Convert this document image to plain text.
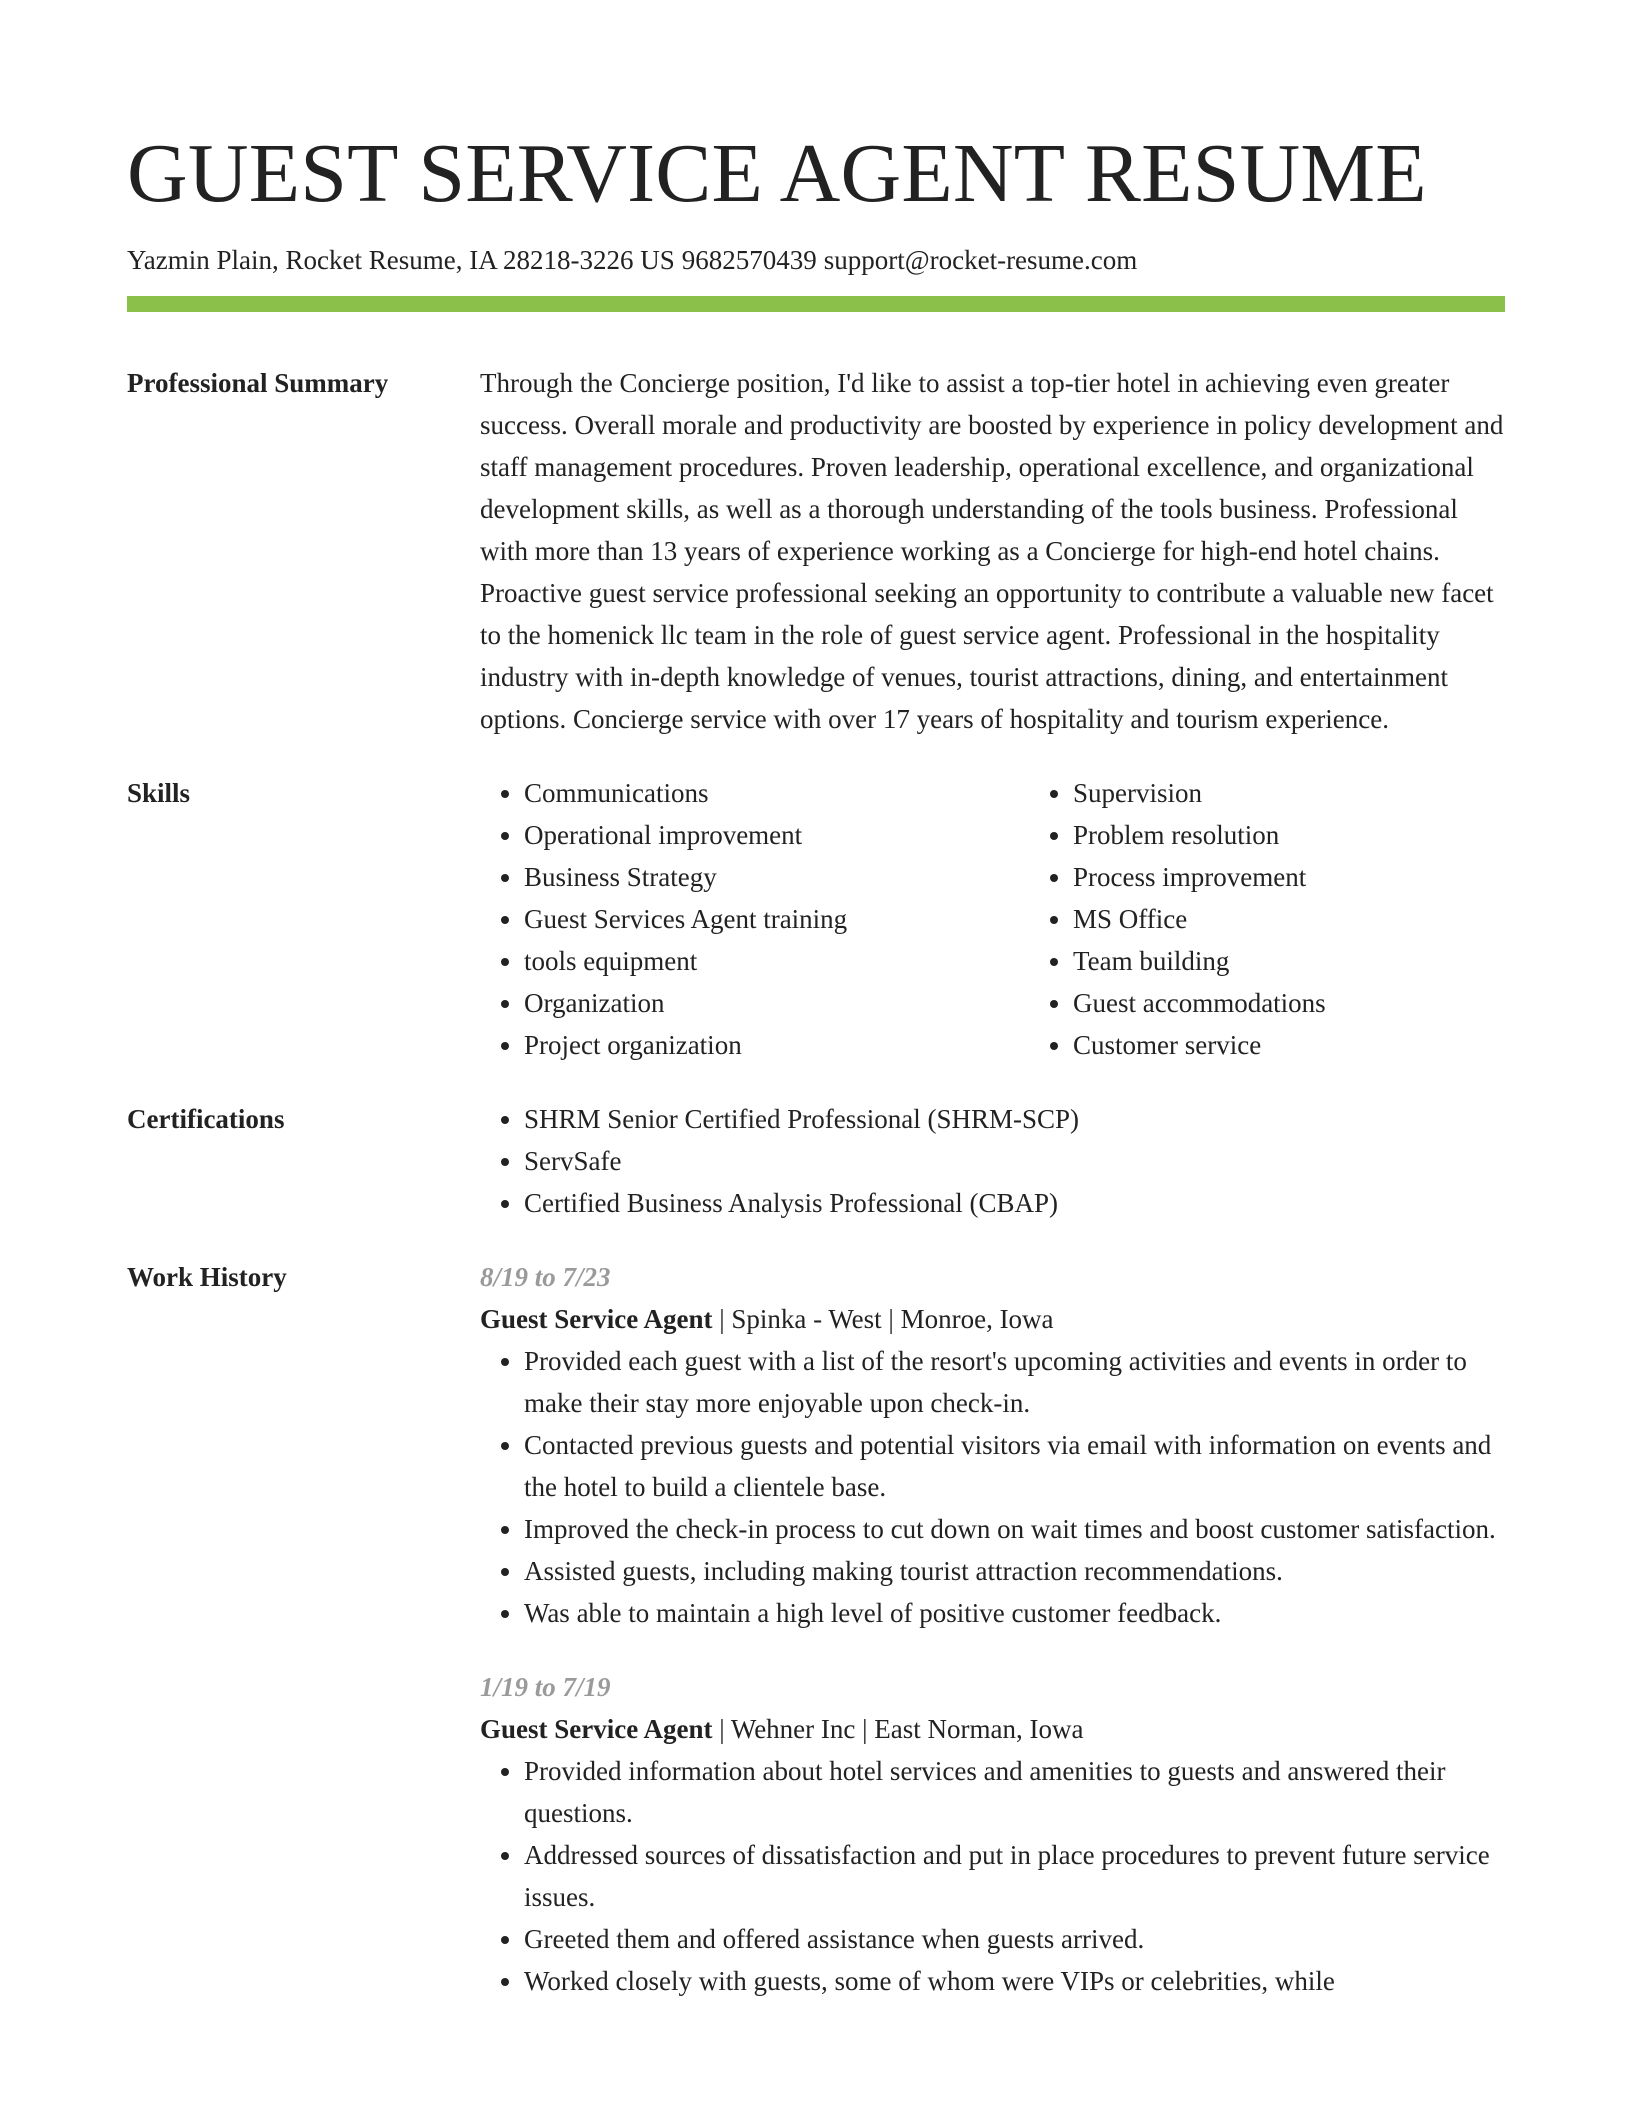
GUEST SERVICE AGENT RESUME
Yazmin Plain, Rocket Resume, IA 28218-3226 US 9682570439 support@rocket-resume.com
Professional Summary	Through the Concierge position, I'd like to assist a top-tier hotel in achieving even greater success. Overall morale and productivity are boosted by experience in policy development and staff management procedures. Proven leadership, operational excellence, and organizational development skills, as well as a thorough understanding of the tools business. Professional with more than 13 years of experience working as a Concierge for high-end hotel chains. Proactive guest service professional seeking an opportunity to contribute a valuable new facet to the homenick llc team in the role of guest service agent. Professional in the hospitality industry with in-depth knowledge of venues, tourist attractions, dining, and entertainment options. Concierge service with over 17 years of hospitality and tourism experience.
Skills	• Communications
• Operational improvement
• Business Strategy
• Guest Services Agent training
• tools equipment
• Organization
• Project organization
• Supervision
• Problem resolution
• Process improvement
• MS Office
• Team building
• Guest accommodations
• Customer service
Certifications	• SHRM Senior Certified Professional (SHRM-SCP)
• ServSafe
• Certified Business Analysis Professional (CBAP)
Work History	8/19 to 7/23
Guest Service Agent | Spinka - West | Monroe, Iowa
• Provided each guest with a list of the resort's upcoming activities and events in order to make their stay more enjoyable upon check-in.
• Contacted previous guests and potential visitors via email with information on events and the hotel to build a clientele base.
• Improved the check-in process to cut down on wait times and boost customer satisfaction.
• Assisted guests, including making tourist attraction recommendations.
• Was able to maintain a high level of positive customer feedback.
1/19 to 7/19
Guest Service Agent | Wehner Inc | East Norman, Iowa
• Provided information about hotel services and amenities to guests and answered their questions.
• Addressed sources of dissatisfaction and put in place procedures to prevent future service issues.
• Greeted them and offered assistance when guests arrived.
• Worked closely with guests, some of whom were VIPs or celebrities, while
